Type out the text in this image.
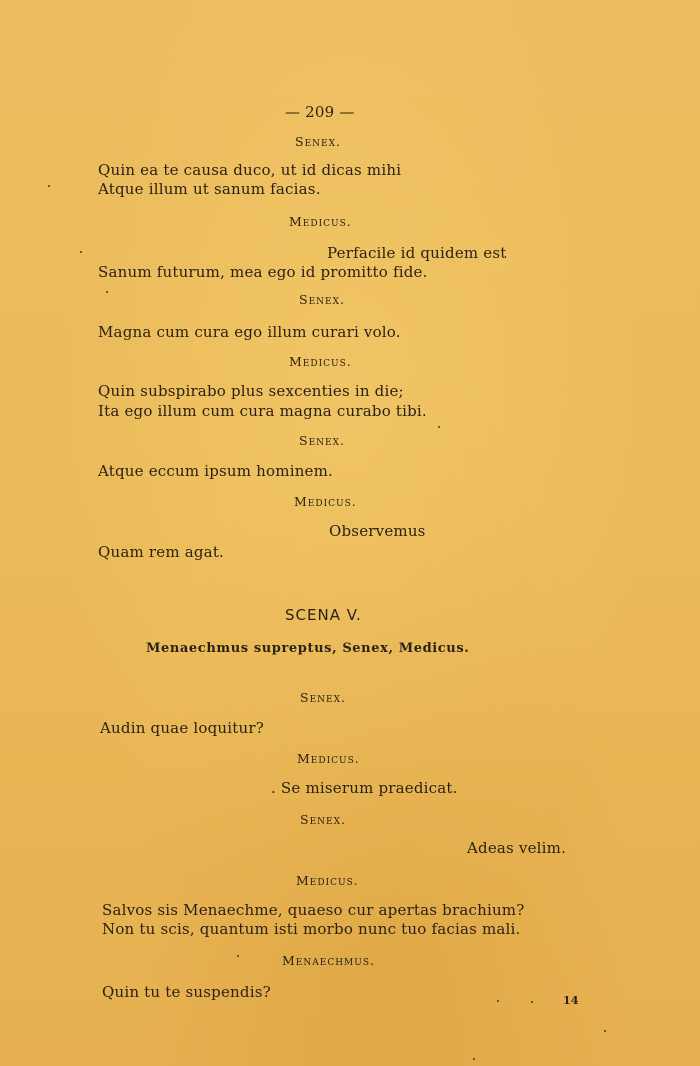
— 209 —
Senex.
Quin ea te causa duco, ut id dicas mihi
Atque illum ut sanum facias.
Medicus.
Perfacile id quidem est
Sanum futurum, mea ego id promitto fide.
Senex.
Magna cum cura ego illum curari volo.
Medicus.
Quin subspirabo plus sexcenties in die;
Ita ego illum cum cura magna curabo tibi.
Senex.
Atque eccum ipsum hominem.
Medicus.
Observemus
Quam rem agat.
SCENA V.
Menaechmus supreptus, Senex, Medicus.
Senex.
Audin quae loquitur?
Medicus.
. Se miserum praedicat.
Senex.
Adeas velim.
Medicus.
Salvos sis Menaechme, quaeso cur apertas brachium?
Non tu scis, quantum isti morbo nunc tuo facias mali.
Menaechmus.
Quin tu te suspendis?	14
